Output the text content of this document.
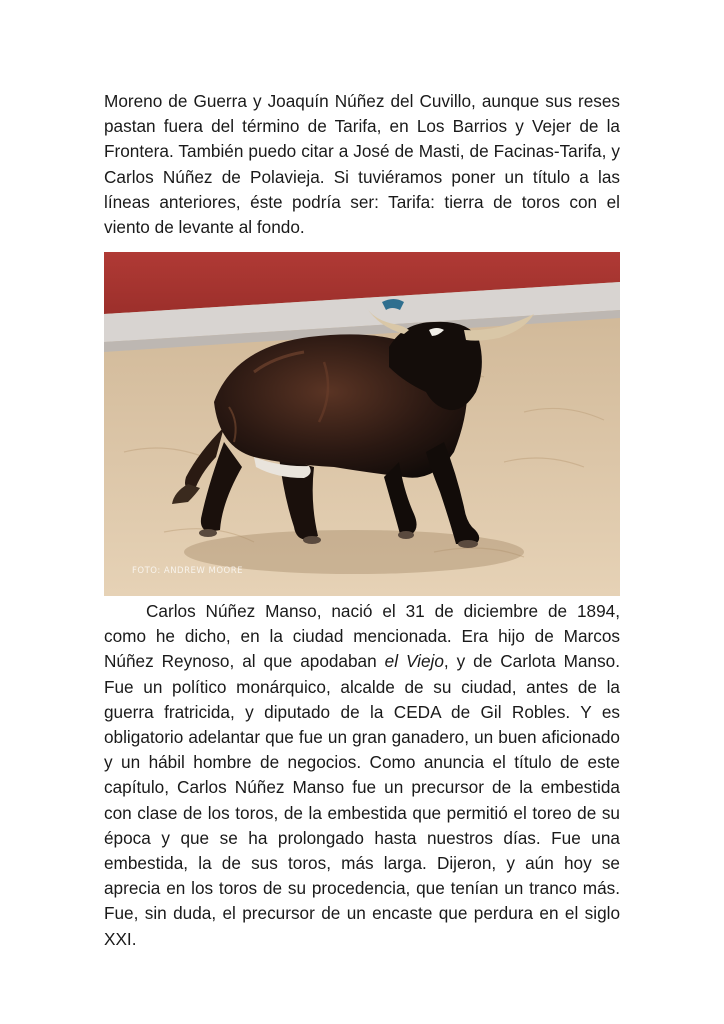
Moreno de Guerra y Joaquín Núñez del Cuvillo, aunque sus reses pastan fuera del término de Tarifa, en Los Barrios y Vejer de la Frontera. También puedo citar a José de Masti, de Facinas-Tarifa, y Carlos Núñez de Polavieja. Si tuviéramos poner un título a las líneas anteriores, éste podría ser: Tarifa: tierra de toros con el viento de levante al fondo.

FOTO: ANDREW MOORE

Carlos Núñez Manso, nació el 31 de diciembre de 1894, como he dicho, en la ciudad mencionada. Era hijo de Marcos Núñez Reynoso, al que apodaban el Viejo, y de Carlota Manso. Fue un político monárquico, alcalde de su ciudad, antes de la guerra fratricida, y diputado de la CEDA de Gil Robles. Y es obligatorio adelantar que fue un gran ganadero, un buen aficionado y un hábil hombre de negocios. Como anuncia el título de este capítulo, Carlos Núñez Manso fue un precursor de la embestida con clase de los toros, de la embestida que permitió el toreo de su época y que se ha prolongado hasta nuestros días. Fue una embestida, la de sus toros, más larga. Dijeron, y aún hoy se aprecia en los toros de su procedencia, que tenían un tranco más. Fue, sin duda, el precursor de un encaste que perdura en el siglo XXI.
